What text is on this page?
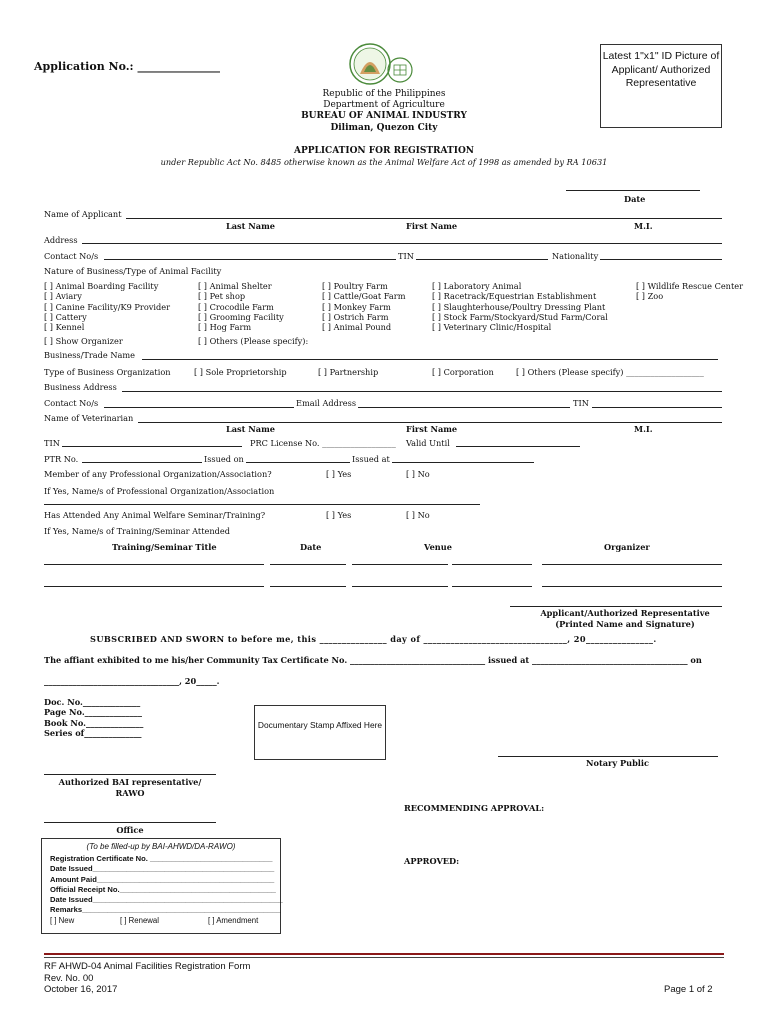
Application No.: _______________
Latest 1"x1" ID Picture of Applicant/ Authorized Representative
Republic of the Philippines
Department of Agriculture
BUREAU OF ANIMAL INDUSTRY
Diliman, Quezon City
APPLICATION FOR REGISTRATION
under Republic Act No. 8485 otherwise known as the Animal Welfare Act of 1998 as amended by RA 10631
Date
Name of Applicant
Last Name	First Name	M.I.
Address
Contact No/s	TIN	Nationality
Nature of Business/Type of Animal Facility
[ ] Animal Boarding Facility
[ ] Aviary
[ ] Canine Facility/K9 Provider
[ ] Cattery
[ ] Kennel
[ ] Animal Shelter
[ ] Pet shop
[ ] Crocodile Farm
[ ] Grooming Facility
[ ] Hog Farm
[ ] Poultry Farm
[ ] Cattle/Goat Farm
[ ] Monkey Farm
[ ] Ostrich Farm
[ ] Animal Pound
[ ] Laboratory Animal
[ ] Racetrack/Equestrian Establishment
[ ] Slaughterhouse/Poultry Dressing Plant
[ ] Stock Farm/Stockyard/Stud Farm/Coral
[ ] Veterinary Clinic/Hospital
[ ] Wildlife Rescue Center
[ ] Zoo
[ ] Show Organizer	[ ] Others (Please specify):
Business/Trade Name
Type of Business Organization	[ ] Sole Proprietorship	[ ] Partnership	[ ] Corporation	[ ] Others (Please specify) ___________________
Business Address
Contact No/s	Email Address	TIN
Name of Veterinarian
Last Name	First Name	M.I.
TIN	PRC License No. __________________ Valid Until
PTR No.	Issued on	Issued at
Member of any Professional Organization/Association?	[ ] Yes	[ ] No
If Yes, Name/s of Professional Organization/Association
Has Attended Any Animal Welfare Seminar/Training?	[ ] Yes	[ ] No
If Yes, Name/s of Training/Seminar Attended
Training/Seminar Title	Date	Venue	Organizer
Applicant/Authorized Representative
(Printed Name and Signature)
SUBSCRIBED AND SWORN to before me, this _______________ day of ________________________________, 20_______________.
The affiant exhibited to me his/her Community Tax Certificate No. _________________________________ issued at ______________________________________ on
_________________________________, 20_____.
Doc. No.______________
Page No.______________
Book No.______________
Series of______________
Documentary Stamp Affixed Here
Notary Public
Authorized BAI representative/
RAWO
RECOMMENDING APPROVAL:
Office
APPROVED:
(To be filled-up by BAI-AHWD/DA-RAWO)
Registration Certificate No. _____________________________
Date Issued___________________________________________
Amount Paid__________________________________________
Official Receipt No._____________________________________
Date Issued_____________________________________________
Remarks_______________________________________________
[ ] New	[ ] Renewal	[ ] Amendment
RF AHWD-04 Animal Facilities Registration Form
Rev. No. 00
October 16, 2017	Page 1 of 2
